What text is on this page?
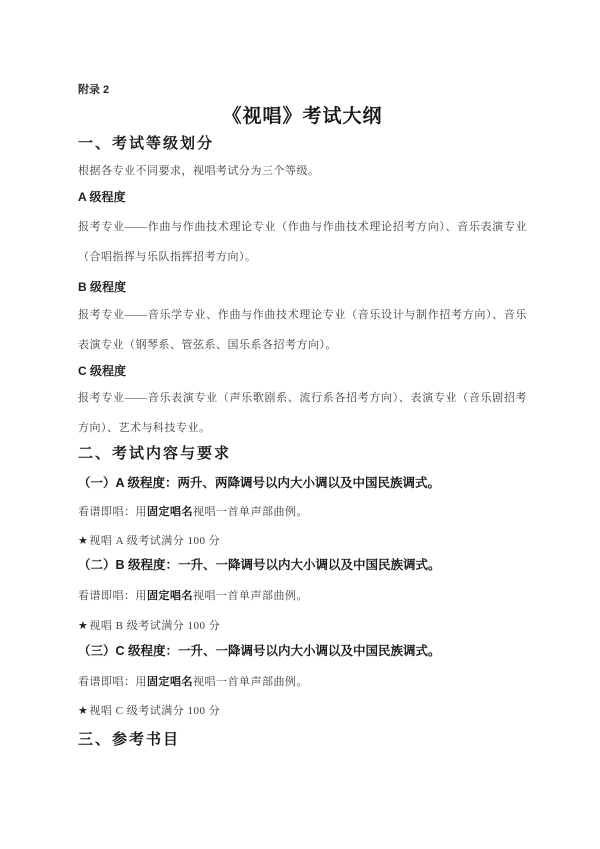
附录 2
《视唱》考试大纲
一、考试等级划分

根据各专业不同要求，视唱考试分为三个等级。

A 级程度

报考专业——作曲与作曲技术理论专业（作曲与作曲技术理论招考方向）、音乐表演专业（合唱指挥与乐队指挥招考方向）。

B 级程度

报考专业——音乐学专业、作曲与作曲技术理论专业（音乐设计与制作招考方向）、音乐表演专业（钢琴系、管弦系、国乐系各招考方向）。

C 级程度

报考专业——音乐表演专业（声乐歌剧系、流行系各招考方向）、表演专业（音乐剧招考方向）、艺术与科技专业。

二、考试内容与要求
（一）A 级程度：两升、两降调号以内大小调以及中国民族调式。

看谱即唱：用固定唱名视唱一首单声部曲例。

★视唱 A 级考试满分 100 分

（二）B 级程度：一升、一降调号以内大小调以及中国民族调式。

看谱即唱：用固定唱名视唱一首单声部曲例。

★视唱 B 级考试满分 100 分

（三）C 级程度：一升、一降调号以内大小调以及中国民族调式。

看谱即唱：用固定唱名视唱一首单声部曲例。

★视唱 C 级考试满分 100 分

三、参考书目
